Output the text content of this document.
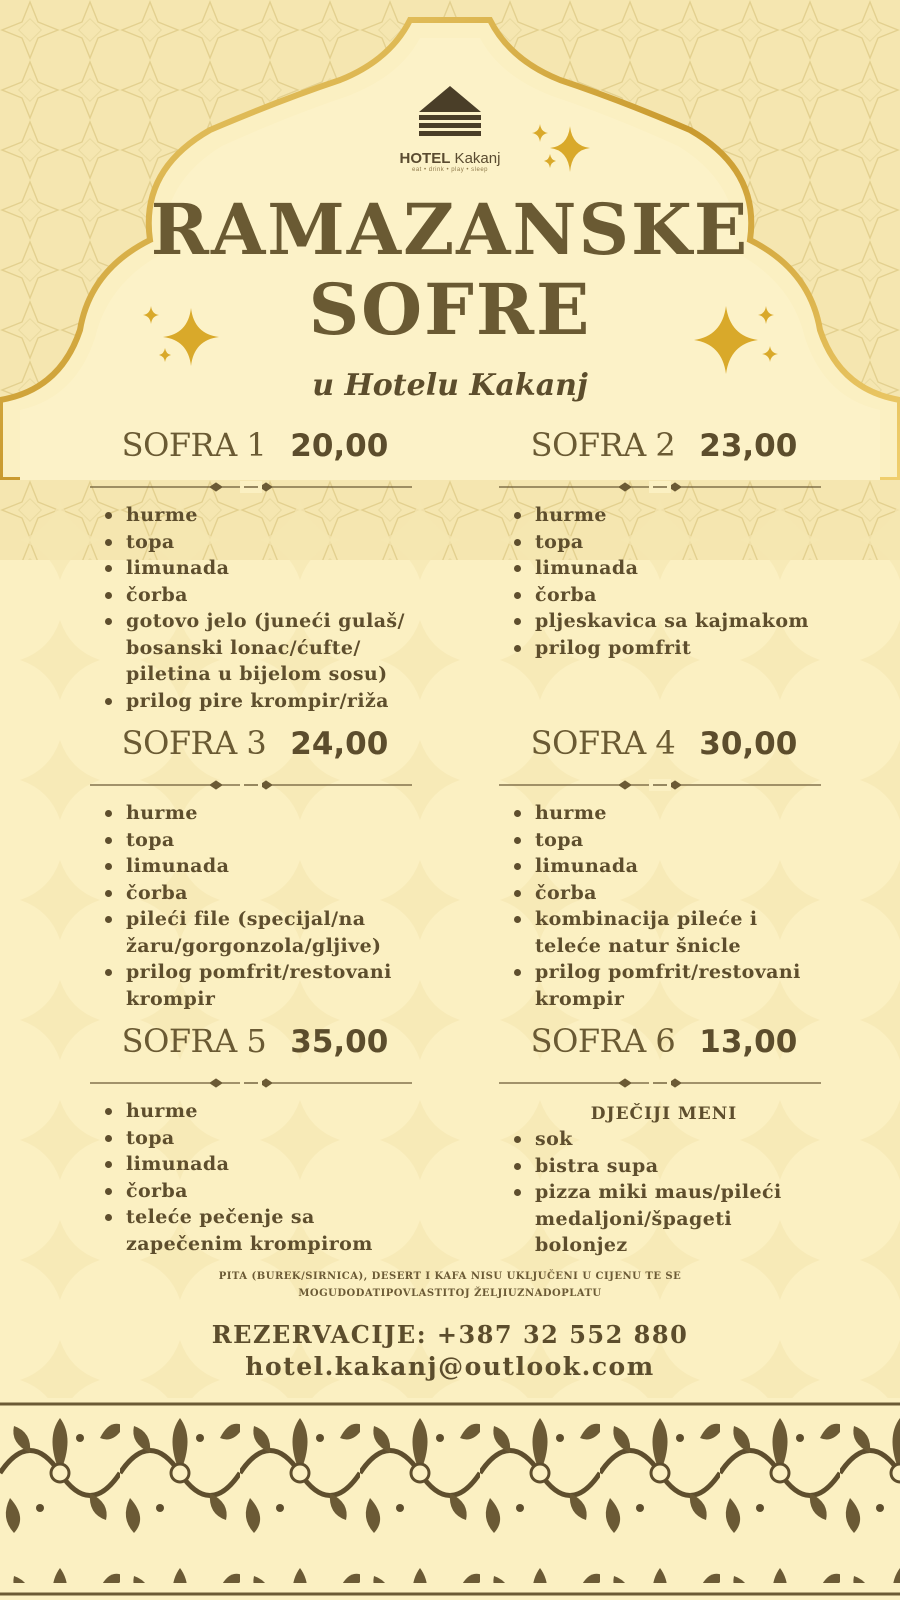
HOTEL Kakanj
eat • drink • play • sleep
RAMAZANSKE
SOFRE
u Hotelu Kakanj
SOFRA 1 20,00
hurme
topa
limunada
čorba
gotovo jelo (juneći gulaš/ bosanski lonac/ćufte/ piletina u bijelom sosu)
prilog pire krompir/riža
SOFRA 2 23,00
hurme
topa
limunada
čorba
pljeskavica sa kajmakom
prilog pomfrit
SOFRA 3 24,00
hurme
topa
limunada
čorba
pileći file (specijal/na žaru/gorgonzola/gljive)
prilog pomfrit/restovani krompir
SOFRA 4 30,00
hurme
topa
limunada
čorba
kombinacija pileće i teleće natur šnicle
prilog pomfrit/restovani krompir
SOFRA 5 35,00
hurme
topa
limunada
čorba
teleće pečenje sa zapečenim krompirom
SOFRA 6 13,00
DJEČIJI MENI
sok
bistra supa
pizza miki maus/pileći medaljoni/špageti bolonjez
PITA (BUREK/SIRNICA), DESERT I KAFA NISU UKLJUČENI U CIJENU TE SE
MOGUDODATIPOVLASTITOJ ŽELJIUZNADOPLATU
REZERVACIJE: +387 32 552 880
hotel.kakanj@outlook.com
